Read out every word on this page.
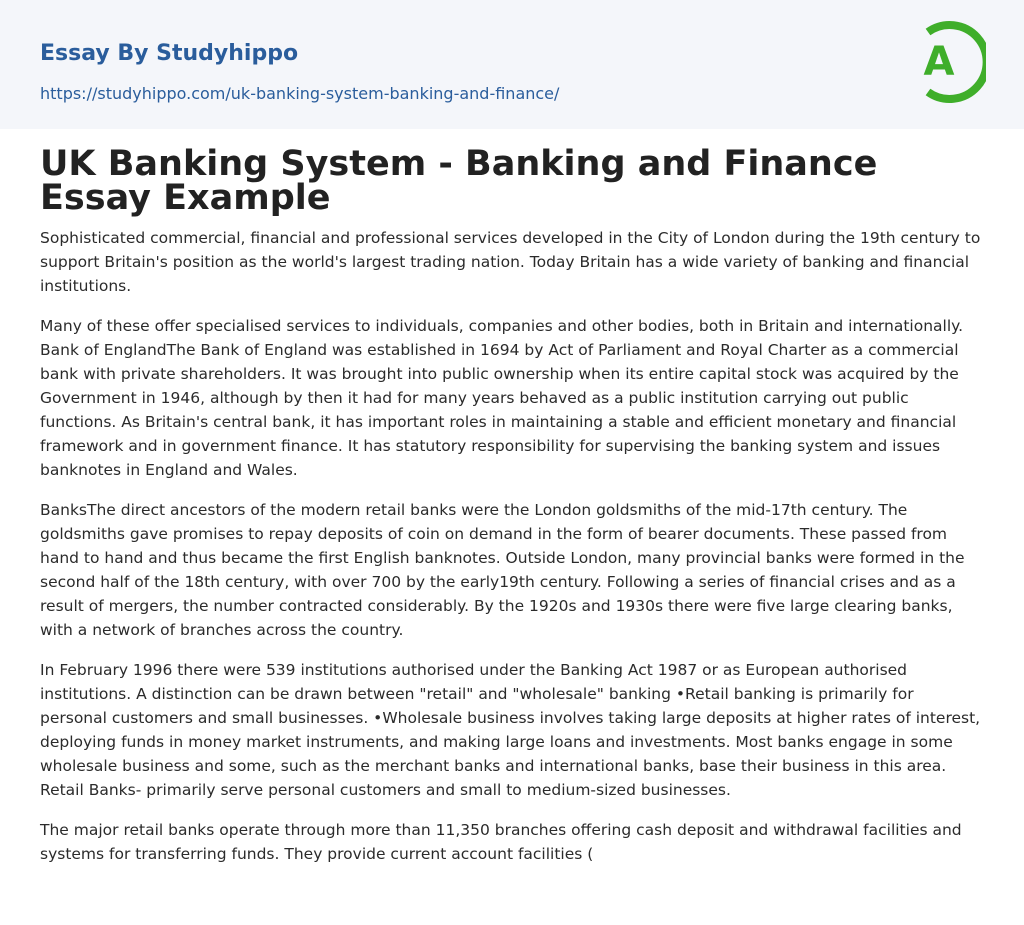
Essay By Studyhippo
https://studyhippo.com/uk-banking-system-banking-and-finance/
A
UK Banking System - Banking and Finance Essay Example

Sophisticated commercial, financial and professional services developed in the City of London during the 19th century to support Britain's position as the world's largest trading nation. Today Britain has a wide variety of banking and financial institutions.

Many of these offer specialised services to individuals, companies and other bodies, both in Britain and internationally. Bank of EnglandThe Bank of England was established in 1694 by Act of Parliament and Royal Charter as a commercial bank with private shareholders. It was brought into public ownership when its entire capital stock was acquired by the Government in 1946, although by then it had for many years behaved as a public institution carrying out public functions. As Britain's central bank, it has important roles in maintaining a stable and efficient monetary and financial framework and in government finance. It has statutory responsibility for supervising the banking system and issues banknotes in England and Wales.

BanksThe direct ancestors of the modern retail banks were the London goldsmiths of the mid-17th century. The goldsmiths gave promises to repay deposits of coin on demand in the form of bearer documents. These passed from hand to hand and thus became the first English banknotes. Outside London, many provincial banks were formed in the second half of the 18th century, with over 700 by the early19th century. Following a series of financial crises and as a result of mergers, the number contracted considerably. By the 1920s and 1930s there were five large clearing banks, with a network of branches across the country.

In February 1996 there were 539 institutions authorised under the Banking Act 1987 or as European authorised institutions. A distinction can be drawn between "retail" and "wholesale" banking •Retail banking is primarily for personal customers and small businesses. •Wholesale business involves taking large deposits at higher rates of interest, deploying funds in money market instruments, and making large loans and investments. Most banks engage in some wholesale business and some, such as the merchant banks and international banks, base their business in this area. Retail Banks- primarily serve personal customers and small to medium-sized businesses.

The major retail banks operate through more than 11,350 branches offering cash deposit and withdrawal facilities and systems for transferring funds. They provide current account facilities (
